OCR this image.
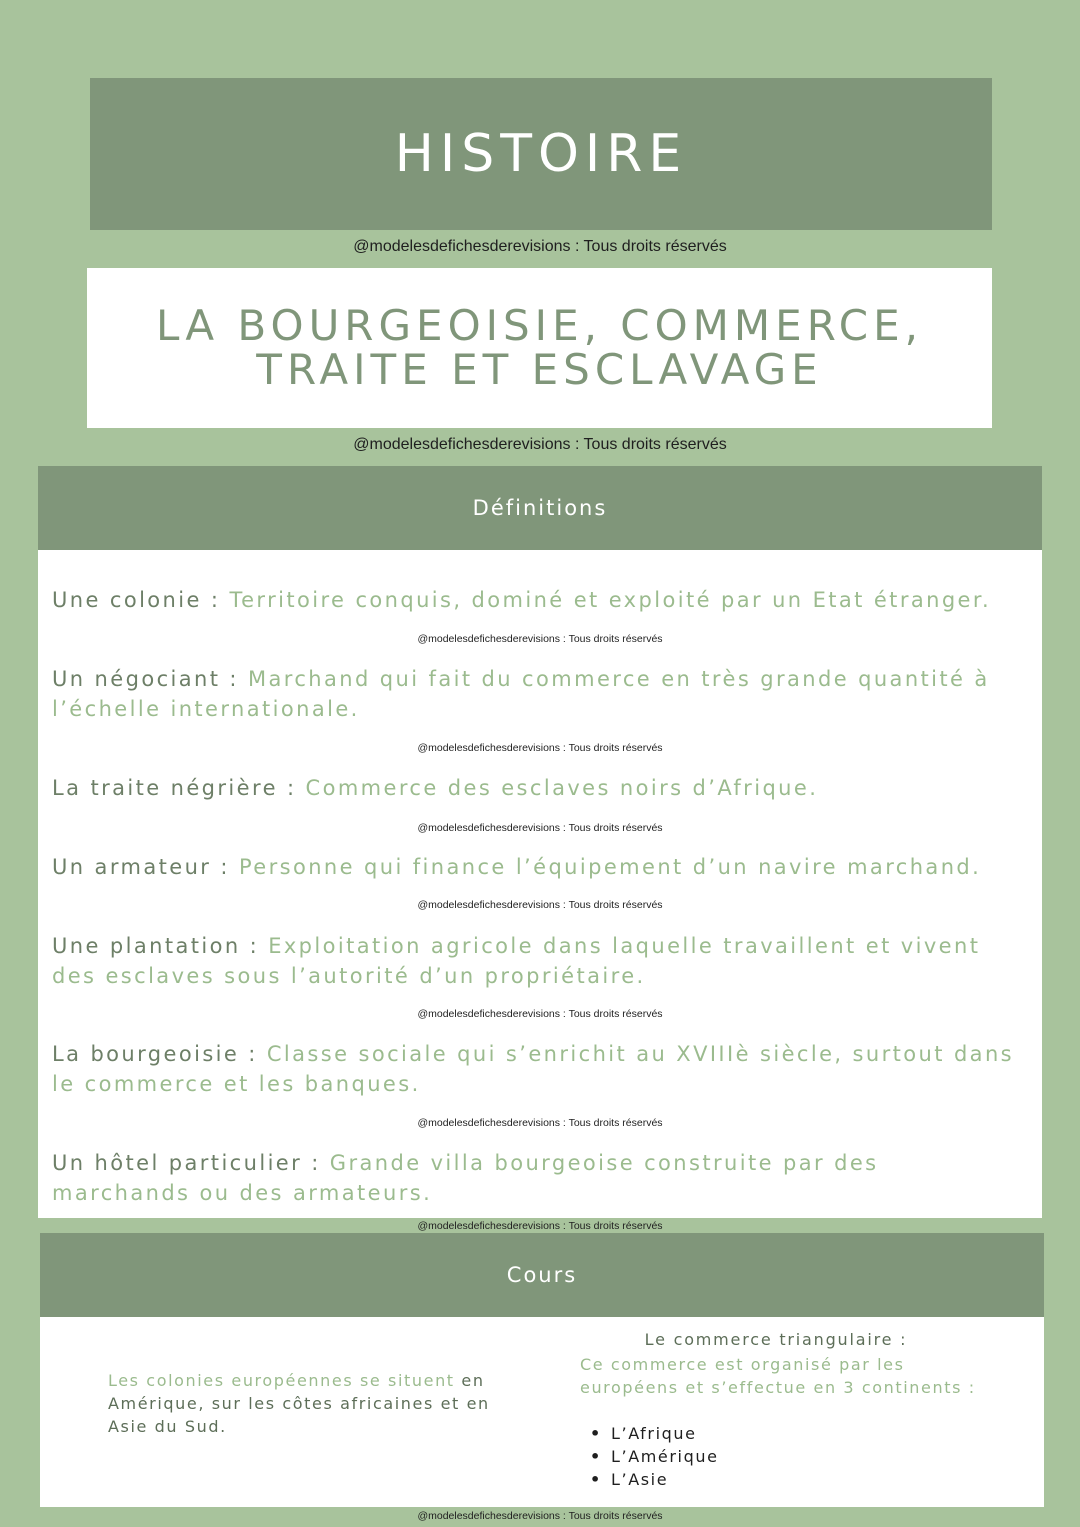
HISTOIRE
@modelesdefichesderevisions : Tous droits réservés
LA BOURGEOISIE, COMMERCE,
TRAITE ET ESCLAVAGE
@modelesdefichesderevisions : Tous droits réservés
Définitions
Une colonie : Territoire conquis, dominé et exploité par un Etat étranger.
@modelesdefichesderevisions : Tous droits réservés
Un négociant : Marchand qui fait du commerce en très grande quantité à l’échelle internationale.
@modelesdefichesderevisions : Tous droits réservés
La traite négrière : Commerce des esclaves noirs d’Afrique.
@modelesdefichesderevisions : Tous droits réservés
Un armateur : Personne qui finance l’équipement d’un navire marchand.
@modelesdefichesderevisions : Tous droits réservés
Une plantation : Exploitation agricole dans laquelle travaillent et vivent des esclaves sous l’autorité d’un propriétaire.
@modelesdefichesderevisions : Tous droits réservés
La bourgeoisie : Classe sociale qui s’enrichit au XVIIIè siècle, surtout dans le commerce et les banques.
@modelesdefichesderevisions : Tous droits réservés
Un hôtel particulier : Grande villa bourgeoise construite par des marchands ou des armateurs.
@modelesdefichesderevisions : Tous droits réservés
Cours
Les colonies européennes se situent en Amérique, sur les côtes africaines et en Asie du Sud.
Le commerce triangulaire :
Ce commerce est organisé par les européens et s’effectue en 3 continents :
• L’Afrique
• L’Amérique
• L’Asie
@modelesdefichesderevisions : Tous droits réservés
